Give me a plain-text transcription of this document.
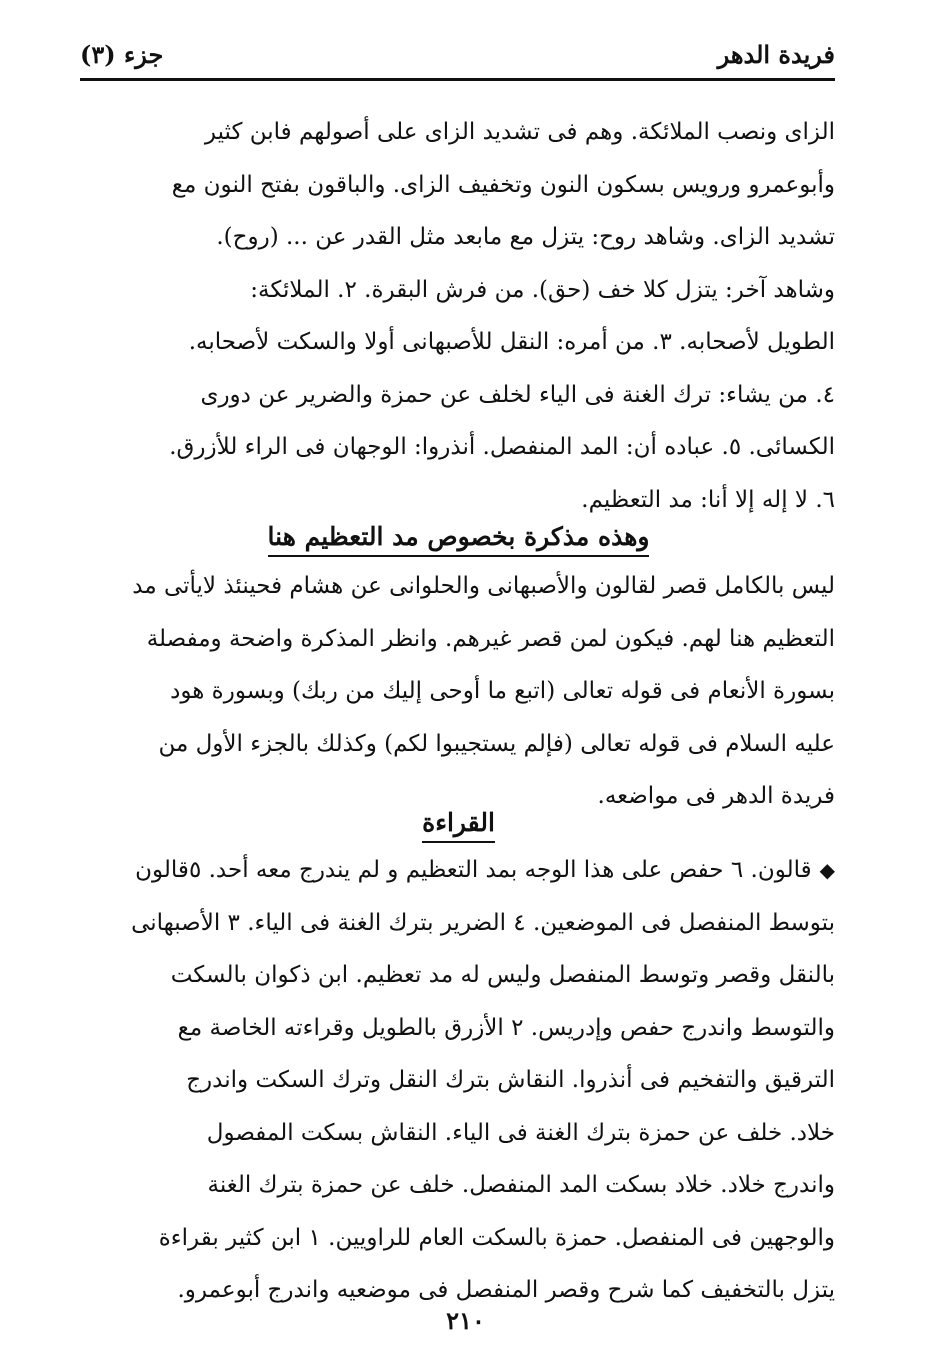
فريدة الدهر
جزء (٣)

الزاى ونصب الملائكة. وهم فى تشديد الزاى على أصولهم فابن كثير

وأبوعمرو ورويس بسكون النون وتخفيف الزاى. والباقون بفتح النون مع

تشديد الزاى. وشاهد روح: يتزل مع مابعد مثل القدر عن ... (روح).

وشاهد آخر: يتزل كلا خف (حق). من فرش البقرة. ٢. الملائكة:

الطويل لأصحابه. ٣. من أمره: النقل للأصبهانى أولا والسكت لأصحابه.

٤. من يشاء: ترك الغنة فى الياء لخلف عن حمزة والضرير عن دورى

الكسائى. ٥. عباده أن: المد المنفصل. أنذروا: الوجهان فى الراء للأزرق.

٦. لا إله إلا أنا: مد التعظيم.

وهذه مذكرة بخصوص مد التعظيم هنا

ليس بالكامل قصر لقالون والأصبهانى والحلوانى عن هشام فحينئذ لايأتى مد

التعظيم هنا لهم. فيكون لمن قصر غيرهم. وانظر المذكرة واضحة ومفصلة

بسورة الأنعام فى قوله تعالى (اتبع ما أوحى إليك من ربك) وبسورة هود

عليه السلام فى قوله تعالى (فإلم يستجيبوا لكم) وكذلك بالجزء الأول من

فريدة الدهر فى مواضعه.

القراءة

◆قالون. ٦ حفص على هذا الوجه بمد التعظيم و لم يندرج معه أحد. ٥قالون

بتوسط المنفصل فى الموضعين. ٤ الضرير بترك الغنة فى الياء. ٣ الأصبهانى

بالنقل وقصر وتوسط المنفصل وليس له مد تعظيم. ابن ذكوان بالسكت

والتوسط واندرج حفص وإدريس. ٢ الأزرق بالطويل وقراءته الخاصة مع

الترقيق والتفخيم فى أنذروا. النقاش بترك النقل وترك السكت واندرج

خلاد. خلف عن حمزة بترك الغنة فى الياء. النقاش بسكت المفصول

واندرج خلاد. خلاد بسكت المد المنفصل. خلف عن حمزة بترك الغنة

والوجهين فى المنفصل. حمزة بالسكت العام للراويين. ١ ابن كثير بقراءة

يتزل بالتخفيف كما شرح وقصر المنفصل فى موضعيه واندرج أبوعمرو.

٢١٠
